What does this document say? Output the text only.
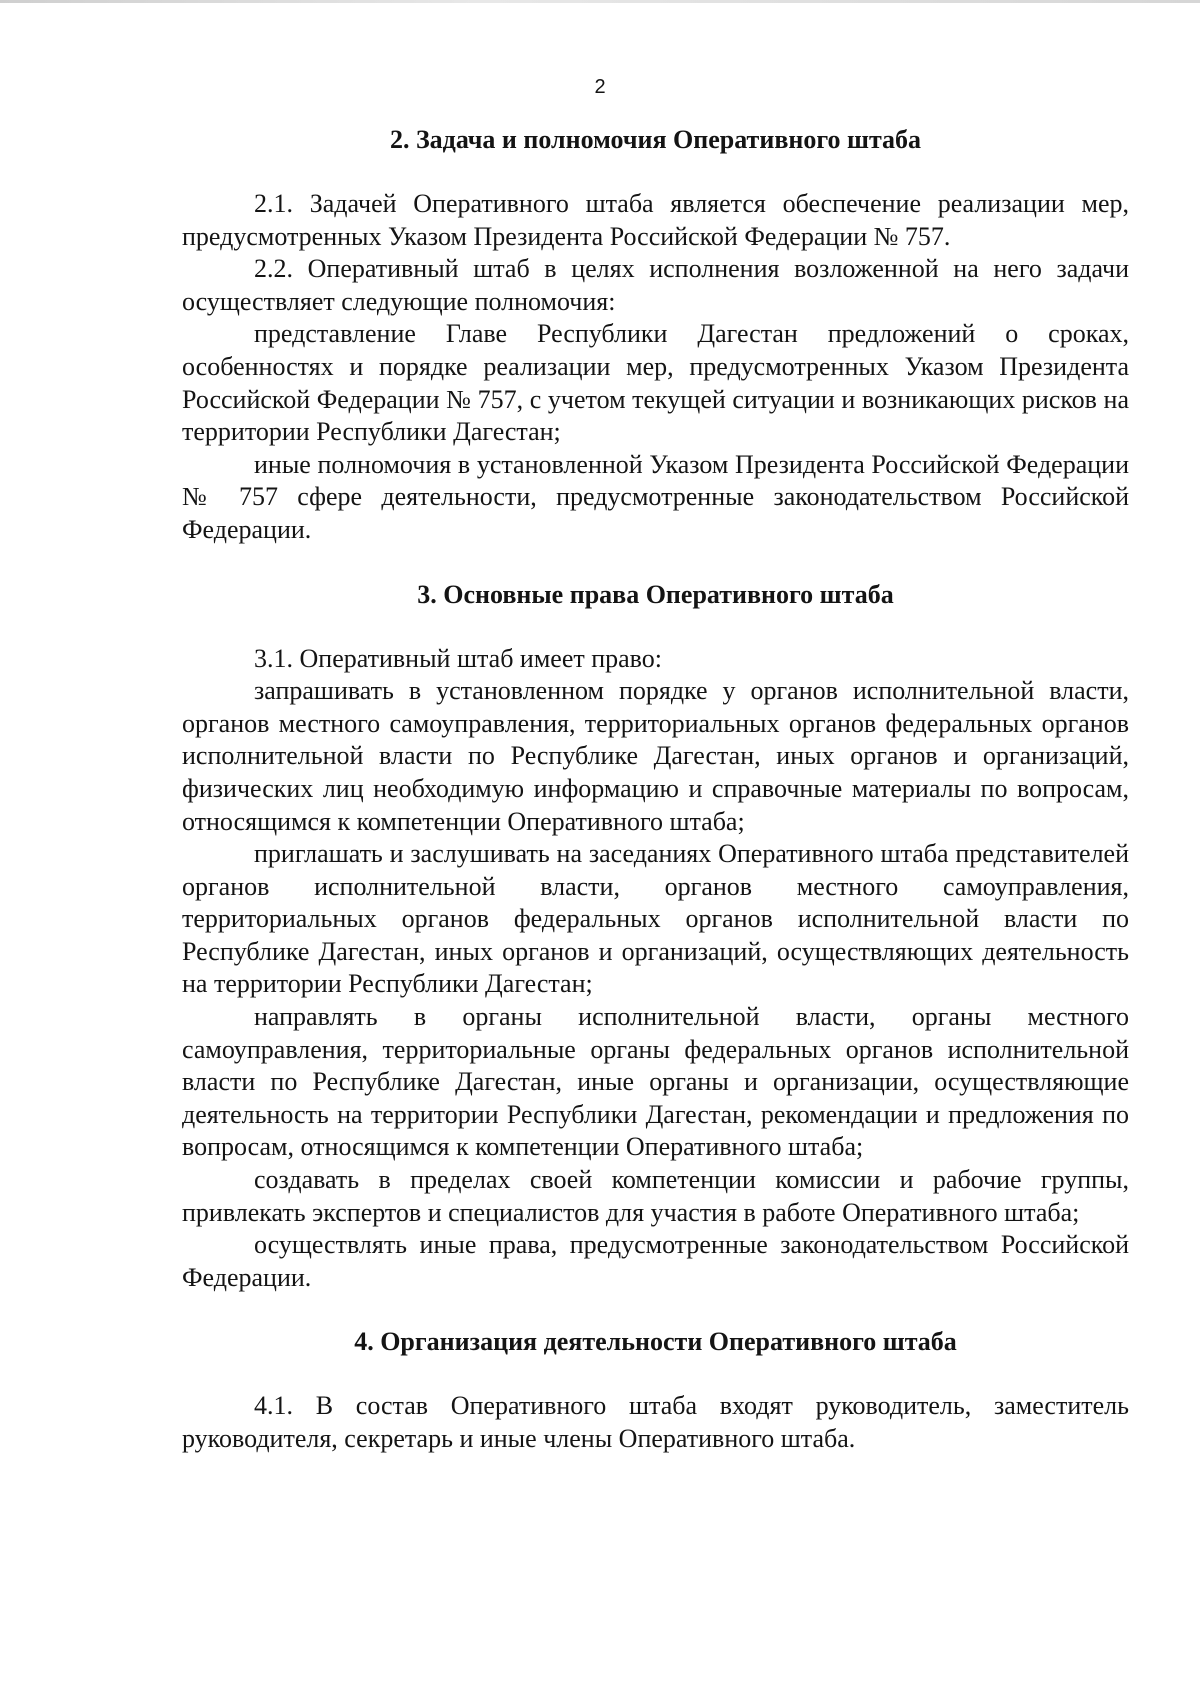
2
2. Задача и полномочия Оперативного штаба

2.1. Задачей Оперативного штаба является обеспечение реализации мер, предусмотренных Указом Президента Российской Федерации № 757.

2.2. Оперативный штаб в целях исполнения возложенной на него задачи осуществляет следующие полномочия:

представление Главе Республики Дагестан предложений о сроках, особенностях и порядке реализации мер, предусмотренных Указом Президента Российской Федерации № 757, с учетом текущей ситуации и возникающих рисков на территории Республики Дагестан;

иные полномочия в установленной Указом Президента Российской Федерации № 757 сфере деятельности, предусмотренные законодательством Российской Федерации.

3. Основные права Оперативного штаба

3.1. Оперативный штаб имеет право:

запрашивать в установленном порядке у органов исполнительной власти, органов местного самоуправления, территориальных органов федеральных органов исполнительной власти по Республике Дагестан, иных органов и организаций, физических лиц необходимую информацию и справочные материалы по вопросам, относящимся к компетенции Оперативного штаба;

приглашать и заслушивать на заседаниях Оперативного штаба представителей органов исполнительной власти, органов местного самоуправления, территориальных органов федеральных органов исполнительной власти по Республике Дагестан, иных органов и организаций, осуществляющих деятельность на территории Республики Дагестан;

направлять в органы исполнительной власти, органы местного самоуправления, территориальные органы федеральных органов исполнительной власти по Республике Дагестан, иные органы и организации, осуществляющие деятельность на территории Республики Дагестан, рекомендации и предложения по вопросам, относящимся к компетенции Оперативного штаба;

создавать в пределах своей компетенции комиссии и рабочие группы, привлекать экспертов и специалистов для участия в работе Оперативного штаба;

осуществлять иные права, предусмотренные законодательством Российской Федерации.

4. Организация деятельности Оперативного штаба

4.1. В состав Оперативного штаба входят руководитель, заместитель руководителя, секретарь и иные члены Оперативного штаба.
